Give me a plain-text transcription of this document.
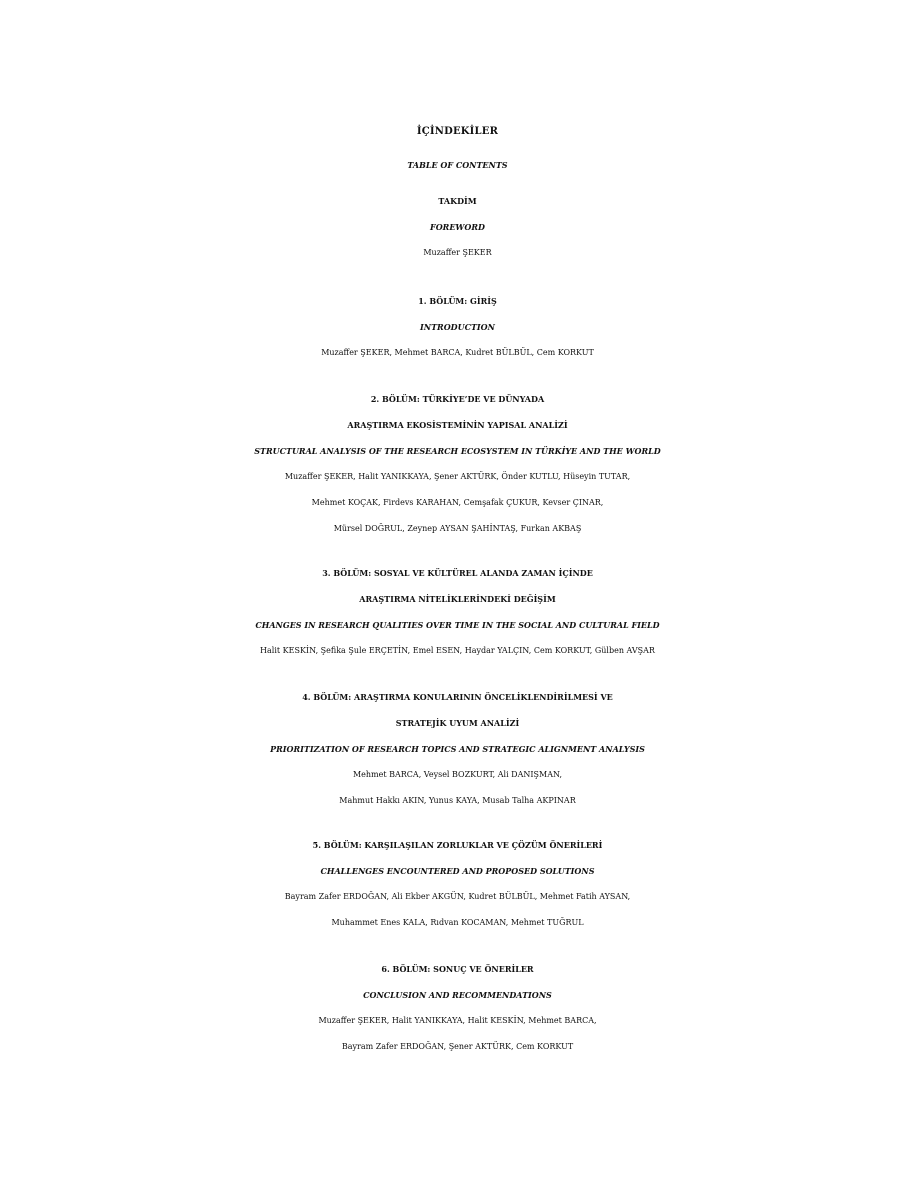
İÇİNDEKİLER
TABLE OF CONTENTS
TAKDİM
FOREWORD
Muzaffer ŞEKER
1. BÖLÜM: GİRİŞ
INTRODUCTION
Muzaffer ŞEKER, Mehmet BARCA, Kudret BÜLBÜL, Cem KORKUT
2. BÖLÜM: TÜRKİYE’DE VE DÜNYADA
ARAŞTIRMA EKOSİSTEMİNİN YAPISAL ANALİZİ
STRUCTURAL ANALYSIS OF THE RESEARCH ECOSYSTEM IN TÜRKİYE AND THE WORLD
Muzaffer ŞEKER, Halit YANIKKAYA, Şener AKTÜRK, Önder KUTLU, Hüseyin TUTAR,
Mehmet KOÇAK, Firdevs KARAHAN, Cemşafak ÇUKUR, Kevser ÇINAR,
Mürsel DOĞRUL, Zeynep AYSAN ŞAHİNTAŞ, Furkan AKBAŞ
3. BÖLÜM: SOSYAL VE KÜLTÜREL ALANDA ZAMAN İÇİNDE
ARAŞTIRMA NİTELİKLERİNDEKİ DEĞİŞİM
CHANGES IN RESEARCH QUALITIES OVER TIME IN THE SOCIAL AND CULTURAL FIELD
Halit KESKİN, Şefika Şule ERÇETİN, Emel ESEN, Haydar YALÇIN, Cem KORKUT, Gülben AVŞAR
4. BÖLÜM: ARAŞTIRMA KONULARININ ÖNCELİKLENDİRİLMESİ VE
STRATEJİK UYUM ANALİZİ
PRIORITIZATION OF RESEARCH TOPICS AND STRATEGIC ALIGNMENT ANALYSIS
Mehmet BARCA, Veysel BOZKURT, Ali DANIŞMAN,
Mahmut Hakkı AKIN, Yunus KAYA, Musab Talha AKPINAR
5. BÖLÜM: KARŞILAŞILAN ZORLUKLAR VE ÇÖZÜM ÖNERİLERİ
CHALLENGES ENCOUNTERED AND PROPOSED SOLUTIONS
Bayram Zafer ERDOĞAN, Ali Ekber AKGÜN, Kudret BÜLBÜL, Mehmet Fatih AYSAN,
Muhammet Enes KALA, Rıdvan KOCAMAN, Mehmet TUĞRUL
6. BÖLÜM: SONUÇ VE ÖNERİLER
CONCLUSION AND RECOMMENDATIONS
Muzaffer ŞEKER, Halit YANIKKAYA, Halit KESKİN, Mehmet BARCA,
Bayram Zafer ERDOĞAN, Şener AKTÜRK, Cem KORKUT
